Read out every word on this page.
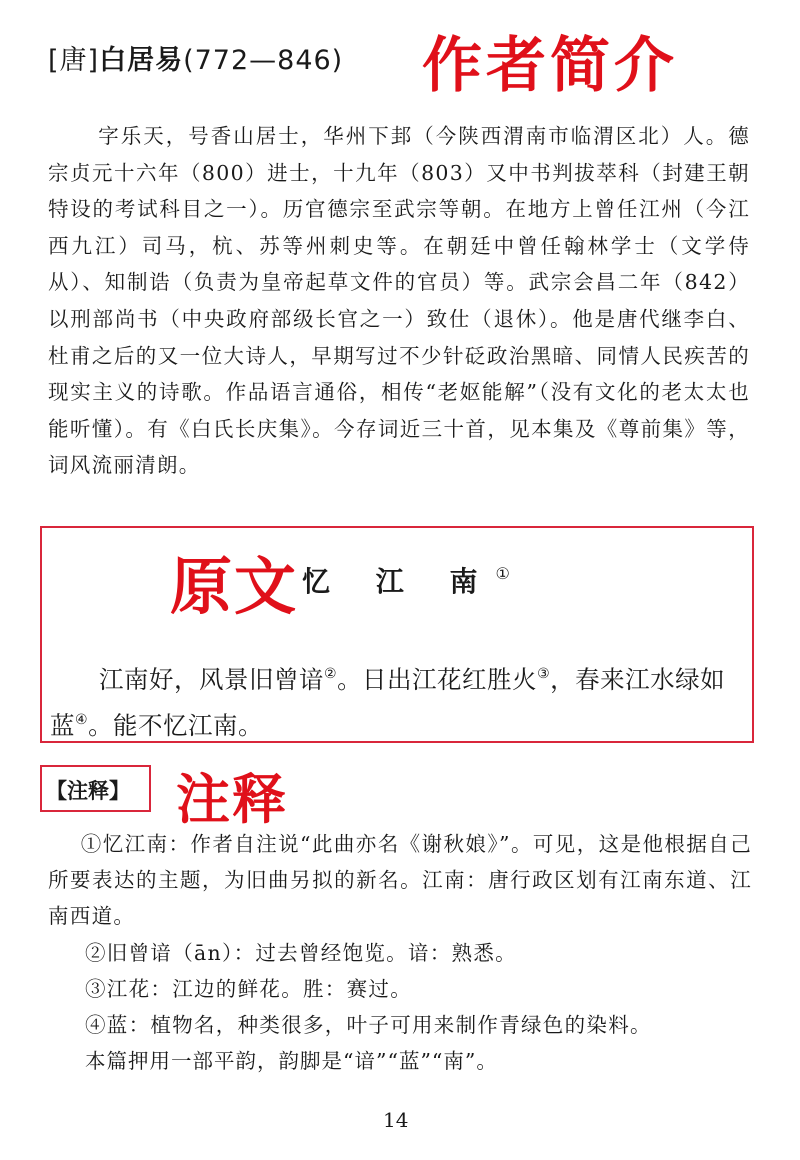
[唐]白居易(772—846) 作者简介
字乐天，号香山居士，华州下邽（今陕西渭南市临渭区北）人。德宗贞元十六年（800）进士，十九年（803）又中书判拔萃科（封建王朝特设的考试科目之一）。历官德宗至武宗等朝。在地方上曾任江州（今江西九江）司马，杭、苏等州刺史等。在朝廷中曾任翰林学士（文学侍从）、知制诰（负责为皇帝起草文件的官员）等。武宗会昌二年（842）以刑部尚书（中央政府部级长官之一）致仕（退休）。他是唐代继李白、杜甫之后的又一位大诗人，早期写过不少针砭政治黑暗、同情人民疾苦的现实主义的诗歌。作品语言通俗，相传“老妪能解”（没有文化的老太太也能听懂）。有《白氏长庆集》。今存词近三十首，见本集及《尊前集》等，词风流丽清朗。
原文 忆 江 南①
江南好，风景旧曾谙②。日出江花红胜火③，春来江水绿如蓝④。能不忆江南。
【注释】 注释
①忆江南：作者自注说“此曲亦名《谢秋娘》”。可见，这是他根据自己所要表达的主题，为旧曲另拟的新名。江南：唐行政区划有江南东道、江南西道。
②旧曾谙（ān）：过去曾经饱览。谙：熟悉。
③江花：江边的鲜花。胜：赛过。
④蓝：植物名，种类很多，叶子可用来制作青绿色的染料。
本篇押用一部平韵，韵脚是“谙”“蓝”“南”。
14
